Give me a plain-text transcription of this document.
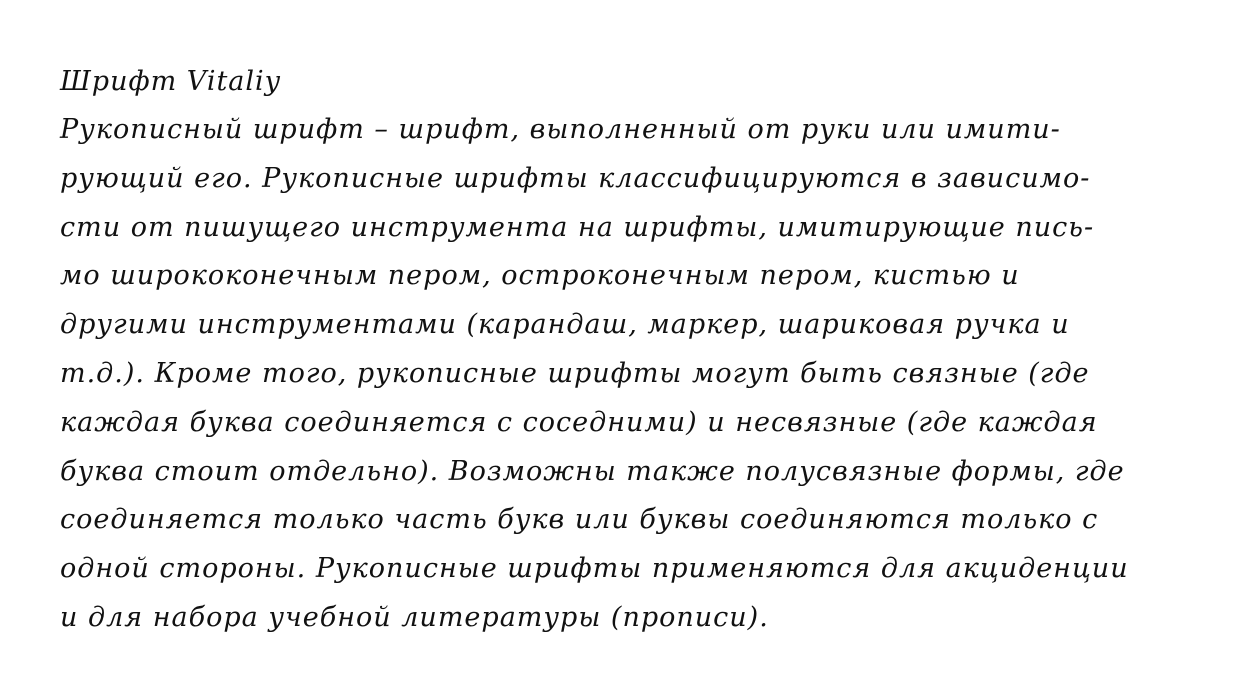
Шрифт Vitaliy

Рукописный шрифт – шрифт, выполненный от руки или имити-

рующий его. Рукописные шрифты классифицируются в зависимо-

сти от пишущего инструмента на шрифты, имитирующие пись-

мо ширококонечным пером, остроконечным пером, кистью и

другими инструментами (карандаш, маркер, шариковая ручка и

т.д.). Кроме того, рукописные шрифты могут быть связные (где

каждая буква соединяется с соседними) и несвязные (где каждая

буква стоит отдельно). Возможны также полусвязные формы, где

соединяется только часть букв или буквы соединяются только с

одной стороны. Рукописные шрифты применяются для акциденции

и для набора учебной литературы (прописи).
